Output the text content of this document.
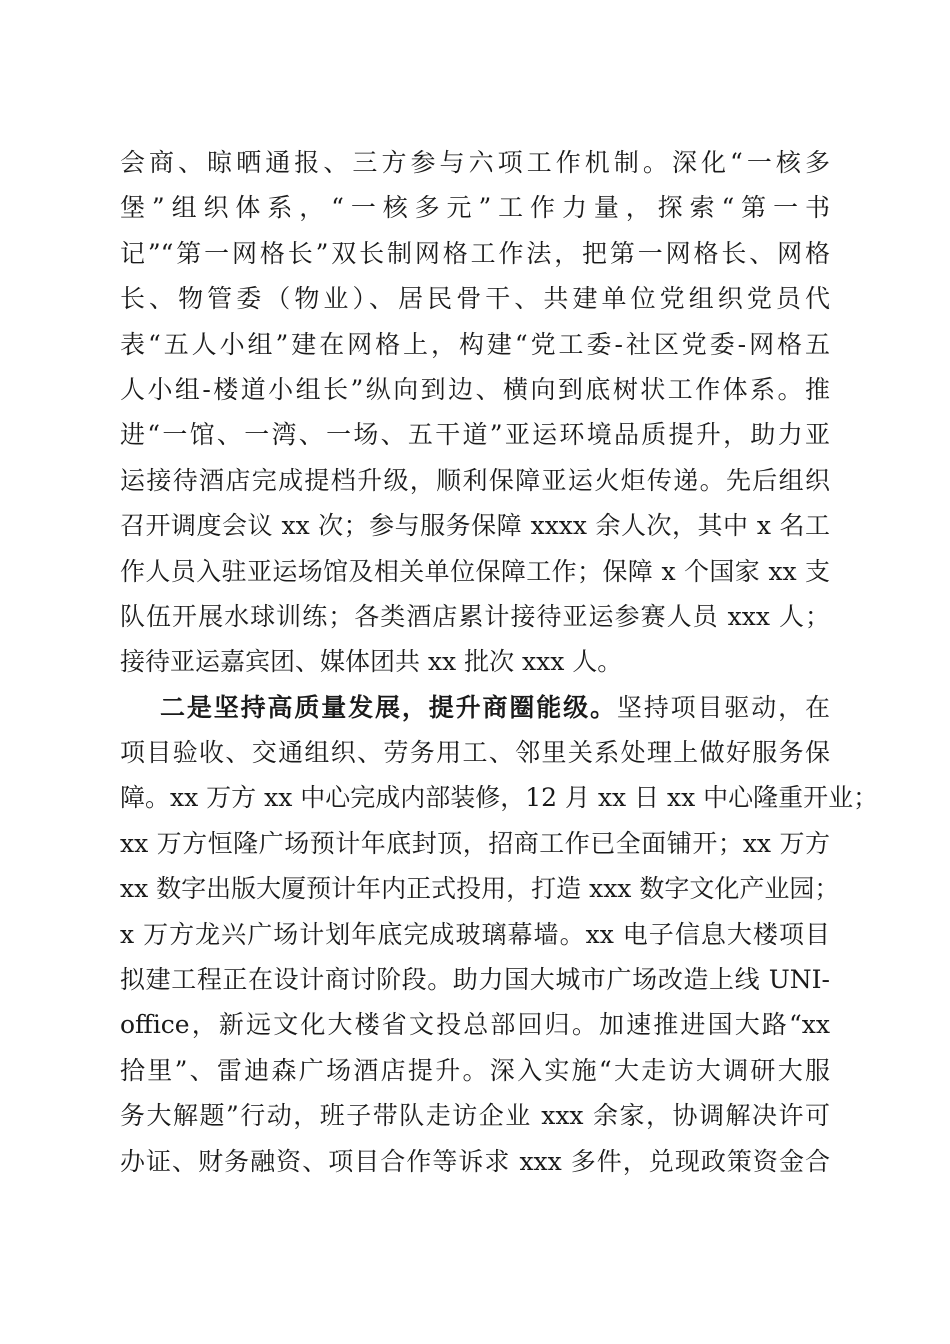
会商、晾晒通报、三方参与六项工作机制。深化“一核多
堡”组织体系，“一核多元”工作力量，探索“第一书
记”“第一网格长”双长制网格工作法，把第一网格长、网格
长、物管委（物业）、居民骨干、共建单位党组织党员代
表“五人小组”建在网格上，构建“党工委-社区党委-网格五
人小组-楼道小组长”纵向到边、横向到底树状工作体系。推
进“一馆、一湾、一场、五干道”亚运环境品质提升，助力亚
运接待酒店完成提档升级，顺利保障亚运火炬传递。先后组织
召开调度会议 xx 次；参与服务保障 xxxx 余人次，其中 x 名工
作人员入驻亚运场馆及相关单位保障工作；保障 x 个国家 xx 支
队伍开展水球训练；各类酒店累计接待亚运参赛人员 xxx 人；
接待亚运嘉宾团、媒体团共 xx 批次 xxx 人。
二是坚持高质量发展，提升商圈能级。坚持项目驱动，在
项目验收、交通组织、劳务用工、邻里关系处理上做好服务保
障。xx 万方 xx 中心完成内部装修，12 月 xx 日 xx 中心隆重开业；
xx 万方恒隆广场预计年底封顶，招商工作已全面铺开；xx 万方
xx 数字出版大厦预计年内正式投用，打造 xxx 数字文化产业园；
x 万方龙兴广场计划年底完成玻璃幕墙。xx 电子信息大楼项目
拟建工程正在设计商讨阶段。助力国大城市广场改造上线 UNI-
office，新远文化大楼省文投总部回归。加速推进国大路“xx
拾里”、雷迪森广场酒店提升。深入实施“大走访大调研大服
务大解题”行动，班子带队走访企业 xxx 余家，协调解决许可
办证、财务融资、项目合作等诉求 xxx 多件，兑现政策资金合
